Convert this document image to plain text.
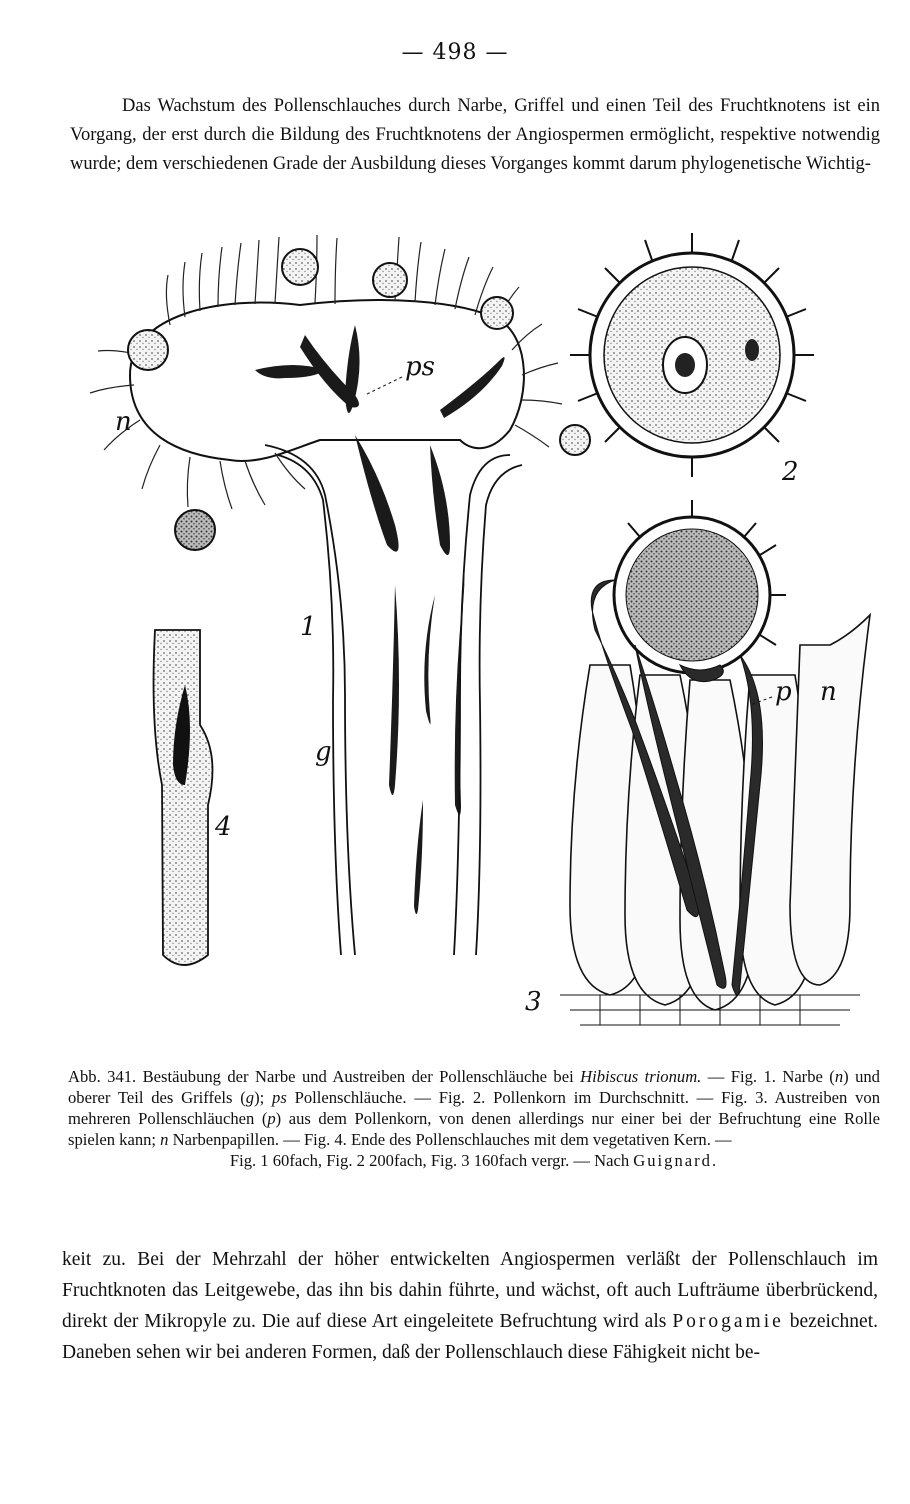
— 498 —

Das Wachstum des Pollenschlauches durch Narbe, Griffel und einen Teil des Fruchtknotens ist ein Vorgang, der erst durch die Bildung des Fruchtknotens der Angiospermen ermöglicht, respektive notwendig wurde; dem verschiedenen Grade der Ausbildung dieses Vorganges kommt darum phylogenetische Wichtig-

n
ps
1
g
2
p n
3
4

Abb. 341. Bestäubung der Narbe und Austreiben der Pollenschläuche bei Hibiscus trionum. — Fig. 1. Narbe (n) und oberer Teil des Griffels (g); ps Pollenschläuche. — Fig. 2. Pollenkorn im Durchschnitt. — Fig. 3. Austreiben von mehreren Pollenschläuchen (p) aus dem Pollenkorn, von denen allerdings nur einer bei der Befruchtung eine Rolle spielen kann; n Narbenpapillen. — Fig. 4. Ende des Pollenschlauches mit dem vegetativen Kern. —
Fig. 1 60fach, Fig. 2 200fach, Fig. 3 160fach vergr. — Nach Guignard.

keit zu. Bei der Mehrzahl der höher entwickelten Angiospermen verläßt der Pollenschlauch im Fruchtknoten das Leitgewebe, das ihn bis dahin führte, und wächst, oft auch Lufträume überbrückend, direkt der Mikropyle zu. Die auf diese Art eingeleitete Befruchtung wird als Porogamie bezeichnet. Daneben sehen wir bei anderen Formen, daß der Pollenschlauch diese Fähigkeit nicht be-
